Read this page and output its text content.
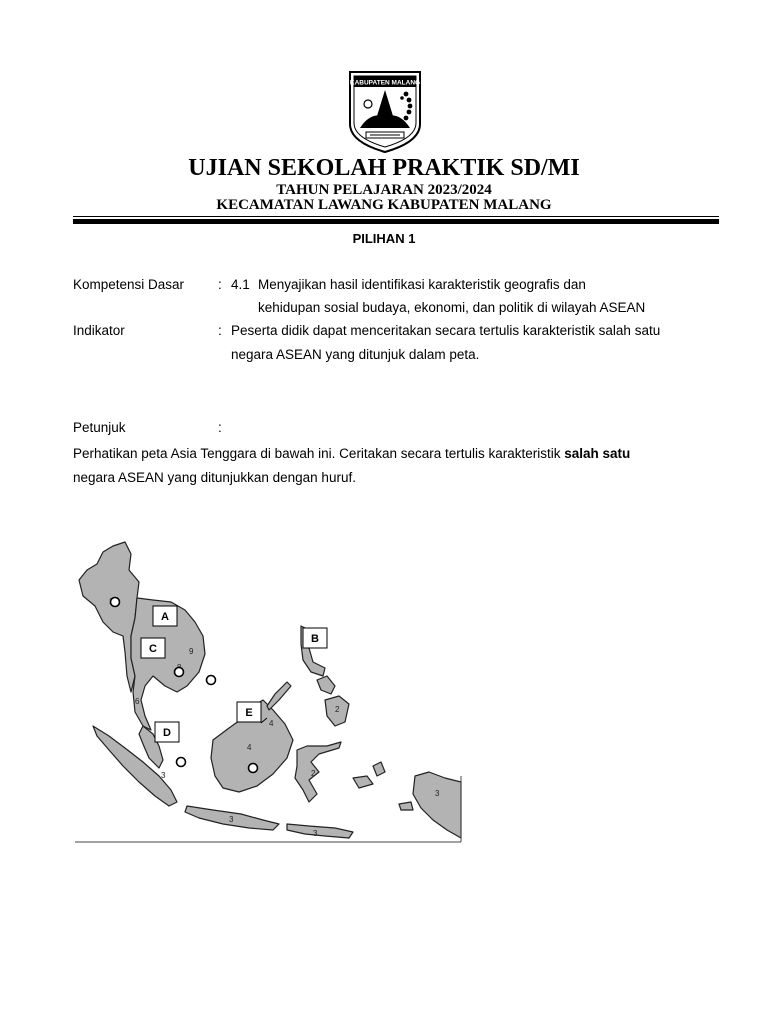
KABUPATEN MALANG
UJIAN SEKOLAH PRAKTIK SD/MI
TAHUN PELAJARAN 2023/2024
KECAMATAN LAWANG KABUPATEN MALANG
PILIHAN 1
Kompetensi Dasar	: 4.1 Menyajikan hasil identifikasi karakteristik geografis dan
kehidupan sosial budaya, ekonomi, dan politik di wilayah ASEAN
Indikator	: Peserta didik dapat menceritakan secara tertulis karakteristik salah satu
negara ASEAN yang ditunjuk dalam peta.
Petunjuk	:
Perhatikan peta Asia Tenggara di bawah ini. Ceritakan secara tertulis karakteristik salah satu
negara ASEAN yang ditunjukkan dengan huruf.
9
6
4
4
2
2
3
3
3
3
A
B
C
D
E
